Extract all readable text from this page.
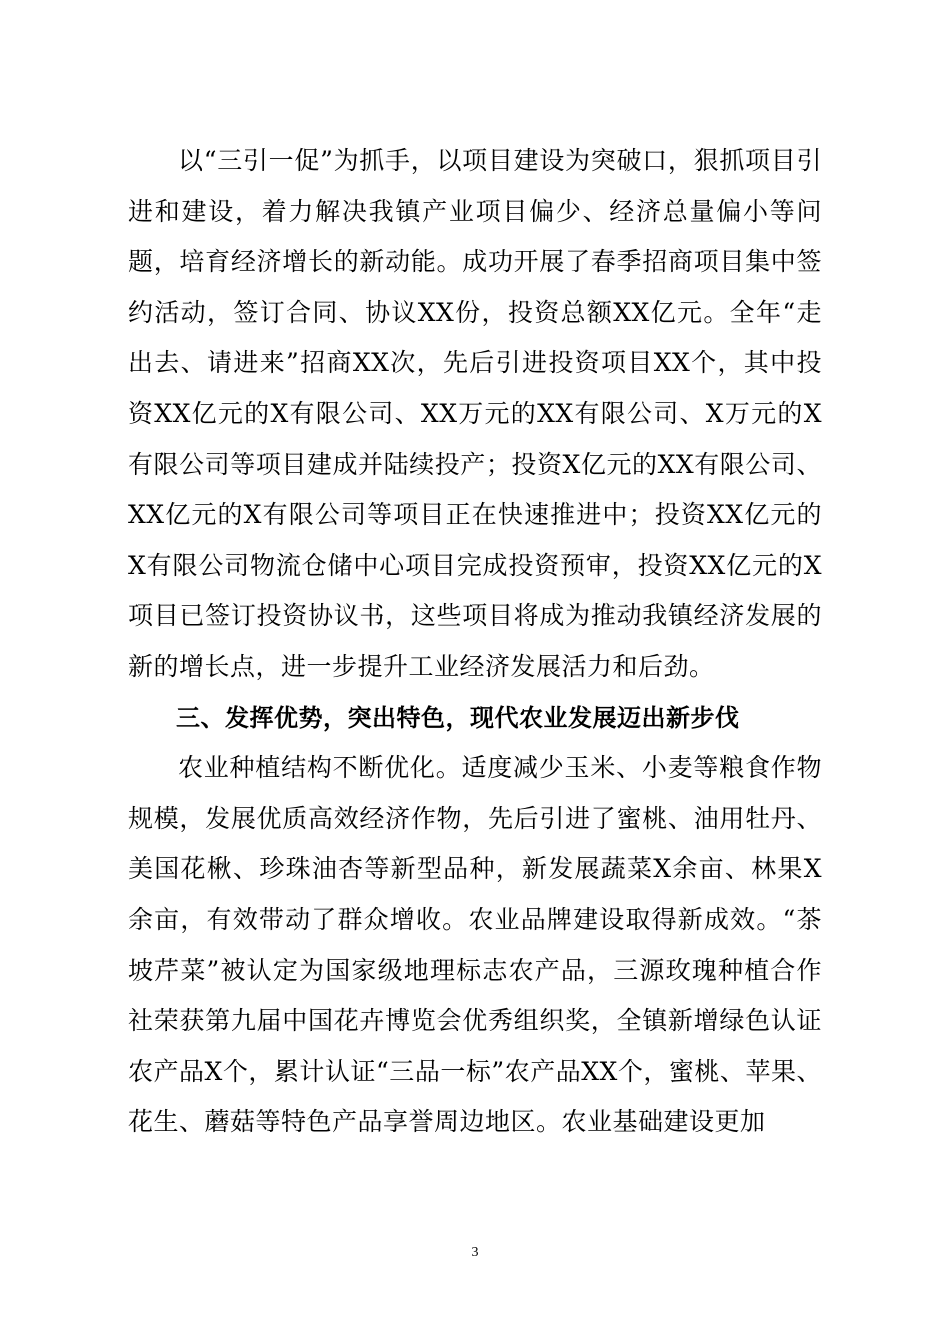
以“三引一促”为抓手，以项目建设为突破口，狠抓项目引进和建设，着力解决我镇产业项目偏少、经济总量偏小等问题，培育经济增长的新动能。成功开展了春季招商项目集中签约活动，签订合同、协议XX份，投资总额XX亿元。全年“走出去、请进来”招商XX次，先后引进投资项目XX个，其中投资XX亿元的X有限公司、XX万元的XX有限公司、X万元的X有限公司等项目建成并陆续投产；投资X亿元的XX有限公司、XX亿元的X有限公司等项目正在快速推进中；投资XX亿元的X有限公司物流仓储中心项目完成投资预审，投资XX亿元的X项目已签订投资协议书，这些项目将成为推动我镇经济发展的新的增长点，进一步提升工业经济发展活力和后劲。

三、发挥优势，突出特色，现代农业发展迈出新步伐

农业种植结构不断优化。适度减少玉米、小麦等粮食作物规模，发展优质高效经济作物，先后引进了蜜桃、油用牡丹、美国花楸、珍珠油杏等新型品种，新发展蔬菜X余亩、林果X余亩，有效带动了群众增收。农业品牌建设取得新成效。“茶坡芹菜”被认定为国家级地理标志农产品，三源玫瑰种植合作社荣获第九届中国花卉博览会优秀组织奖，全镇新增绿色认证农产品X个，累计认证“三品一标”农产品XX个，蜜桃、苹果、花生、蘑菇等特色产品享誉周边地区。农业基础建设更加

3
